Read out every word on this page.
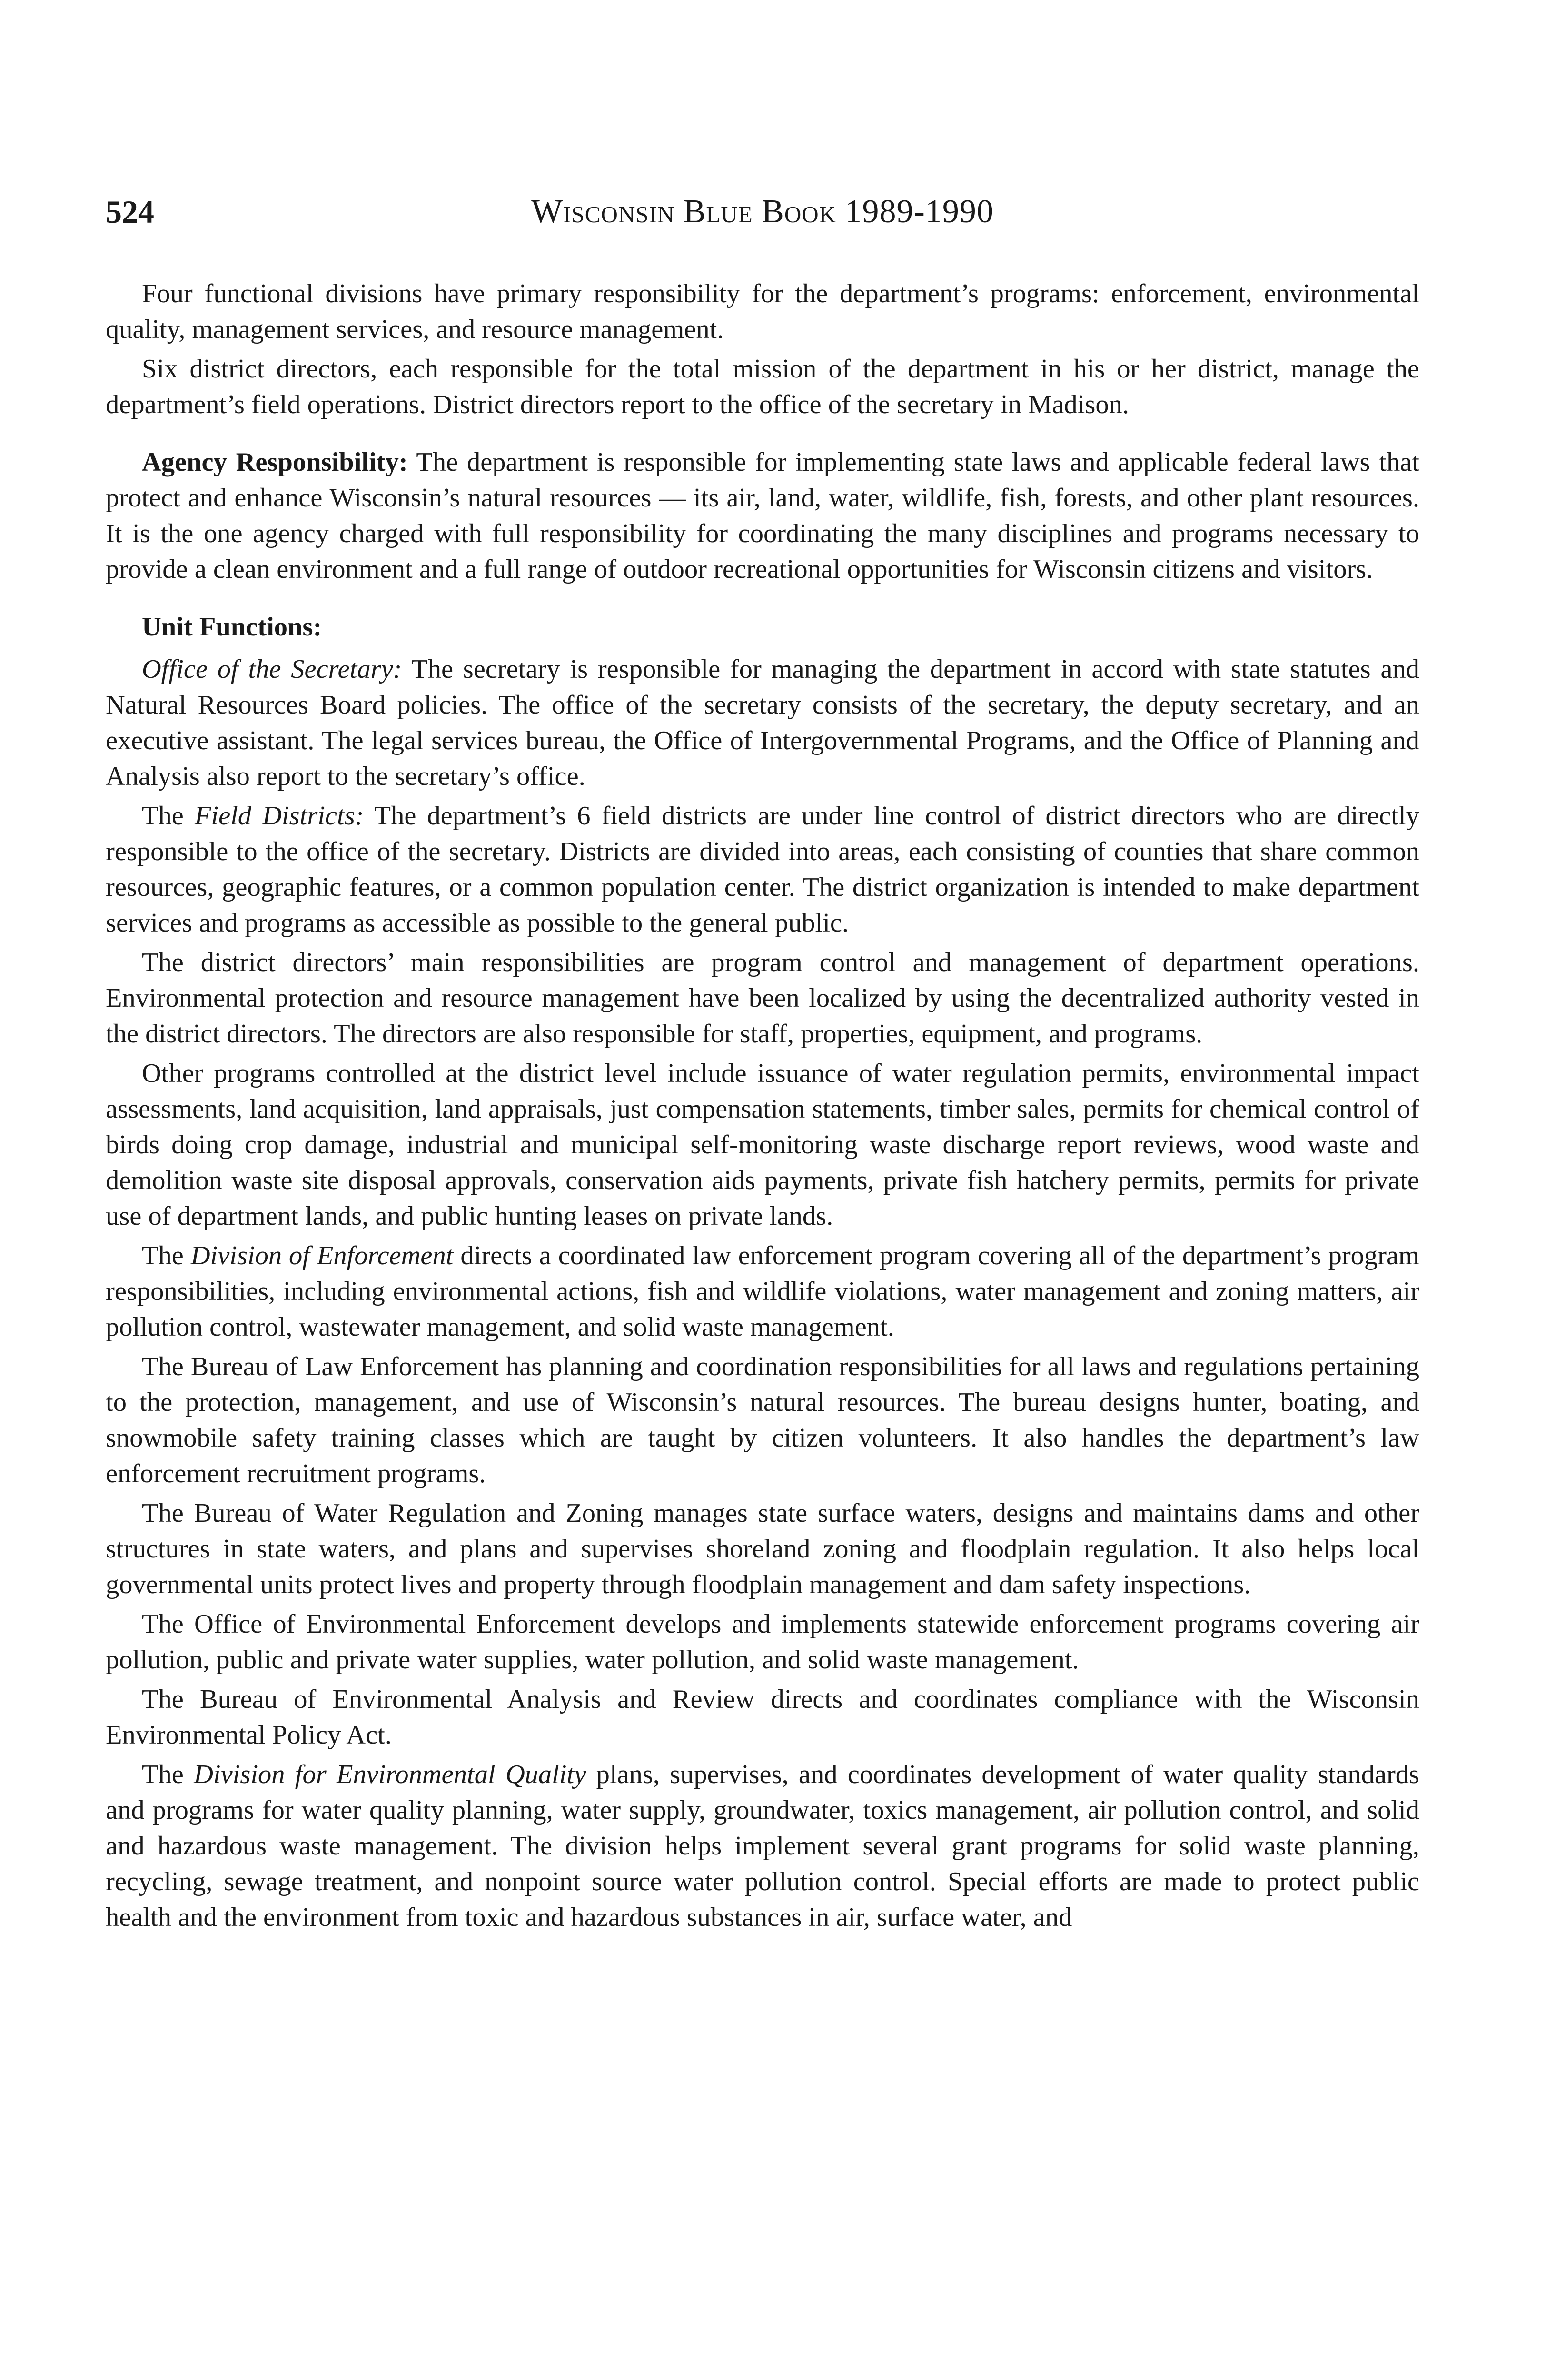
524	Wisconsin Blue Book 1989-1990

Four functional divisions have primary responsibility for the department’s programs: enforcement, environmental quality, management services, and resource management.

Six district directors, each responsible for the total mission of the department in his or her district, manage the department’s field operations. District directors report to the office of the secretary in Madison.

Agency Responsibility: The department is responsible for implementing state laws and applicable federal laws that protect and enhance Wisconsin’s natural resources — its air, land, water, wildlife, fish, forests, and other plant resources. It is the one agency charged with full responsibility for coordinating the many disciplines and programs necessary to provide a clean environment and a full range of outdoor recreational opportunities for Wisconsin citizens and visitors.

Unit Functions:

Office of the Secretary: The secretary is responsible for managing the department in accord with state statutes and Natural Resources Board policies. The office of the secretary consists of the secretary, the deputy secretary, and an executive assistant. The legal services bureau, the Office of Intergovernmental Programs, and the Office of Planning and Analysis also report to the secretary’s office.

The Field Districts: The department’s 6 field districts are under line control of district directors who are directly responsible to the office of the secretary. Districts are divided into areas, each consisting of counties that share common resources, geographic features, or a common population center. The district organization is intended to make department services and programs as accessible as possible to the general public.

The district directors’ main responsibilities are program control and management of department operations. Environmental protection and resource management have been localized by using the decentralized authority vested in the district directors. The directors are also responsible for staff, properties, equipment, and programs.

Other programs controlled at the district level include issuance of water regulation permits, environmental impact assessments, land acquisition, land appraisals, just compensation statements, timber sales, permits for chemical control of birds doing crop damage, industrial and municipal self-monitoring waste discharge report reviews, wood waste and demolition waste site disposal approvals, conservation aids payments, private fish hatchery permits, permits for private use of department lands, and public hunting leases on private lands.

The Division of Enforcement directs a coordinated law enforcement program covering all of the department’s program responsibilities, including environmental actions, fish and wildlife violations, water management and zoning matters, air pollution control, wastewater management, and solid waste management.

The Bureau of Law Enforcement has planning and coordination responsibilities for all laws and regulations pertaining to the protection, management, and use of Wisconsin’s natural resources. The bureau designs hunter, boating, and snowmobile safety training classes which are taught by citizen volunteers. It also handles the department’s law enforcement recruitment programs.

The Bureau of Water Regulation and Zoning manages state surface waters, designs and maintains dams and other structures in state waters, and plans and supervises shoreland zoning and floodplain regulation. It also helps local governmental units protect lives and property through floodplain management and dam safety inspections.

The Office of Environmental Enforcement develops and implements statewide enforcement programs covering air pollution, public and private water supplies, water pollution, and solid waste management.

The Bureau of Environmental Analysis and Review directs and coordinates compliance with the Wisconsin Environmental Policy Act.

The Division for Environmental Quality plans, supervises, and coordinates development of water quality standards and programs for water quality planning, water supply, groundwater, toxics management, air pollution control, and solid and hazardous waste management. The division helps implement several grant programs for solid waste planning, recycling, sewage treatment, and nonpoint source water pollution control. Special efforts are made to protect public health and the environment from toxic and hazardous substances in air, surface water, and
